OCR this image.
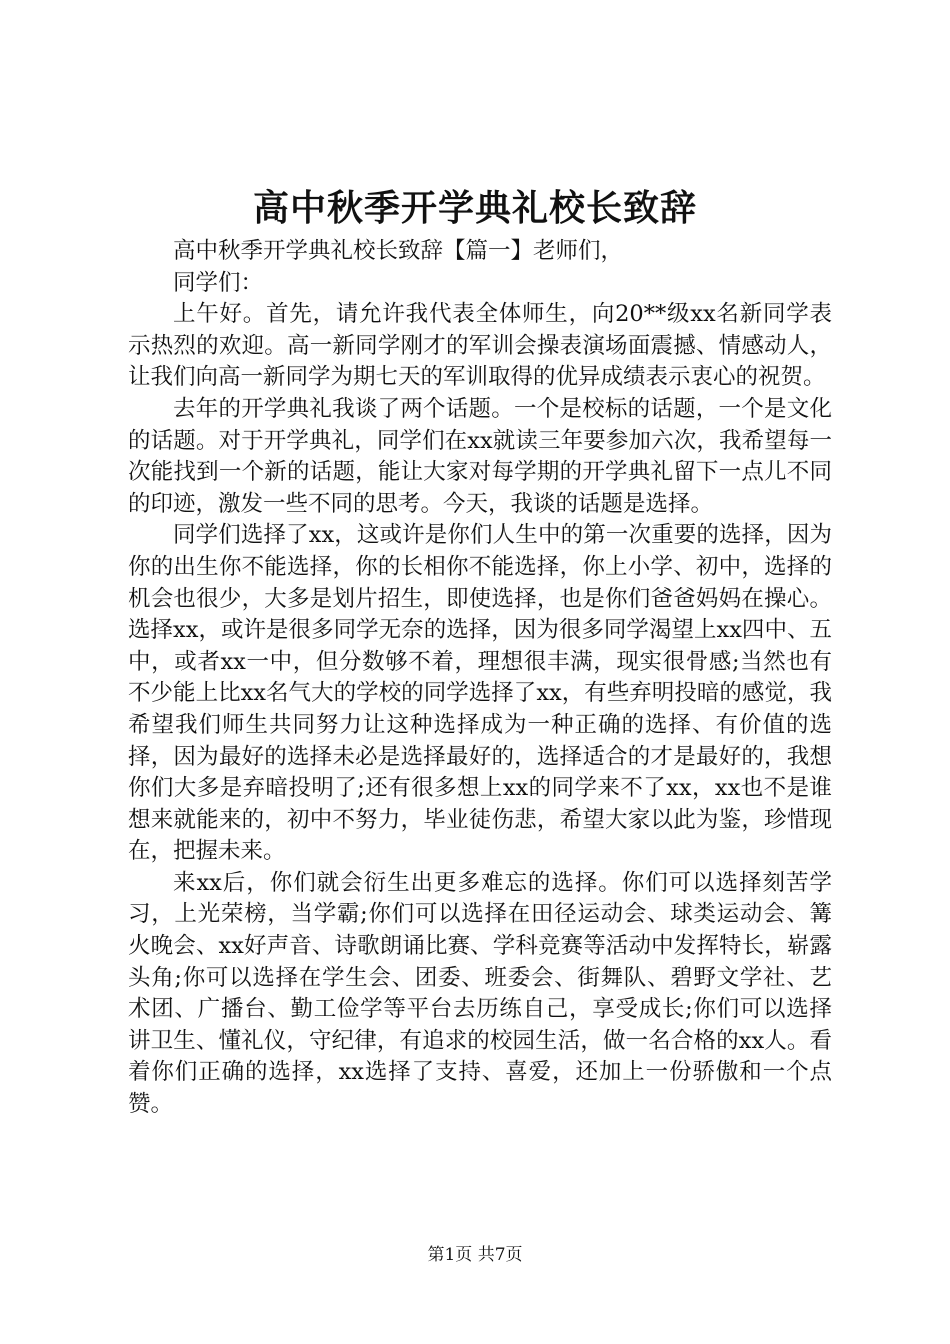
高中秋季开学典礼校长致辞

高中秋季开学典礼校长致辞【篇一】老师们，
同学们：

上午好。首先，请允许我代表全体师生，向20**级xx名新同学表示热烈的欢迎。高一新同学刚才的军训会操表演场面震撼、情感动人，让我们向高一新同学为期七天的军训取得的优异成绩表示衷心的祝贺。

去年的开学典礼我谈了两个话题。一个是校标的话题，一个是文化的话题。对于开学典礼，同学们在xx就读三年要参加六次，我希望每一次能找到一个新的话题，能让大家对每学期的开学典礼留下一点儿不同的印迹，激发一些不同的思考。今天，我谈的话题是选择。

同学们选择了xx，这或许是你们人生中的第一次重要的选择，因为你的出生你不能选择，你的长相你不能选择，你上小学、初中，选择的机会也很少，大多是划片招生，即使选择，也是你们爸爸妈妈在操心。选择xx，或许是很多同学无奈的选择，因为很多同学渴望上xx四中、五中，或者xx一中，但分数够不着，理想很丰满，现实很骨感;当然也有不少能上比xx名气大的学校的同学选择了xx，有些弃明投暗的感觉，我希望我们师生共同努力让这种选择成为一种正确的选择、有价值的选择，因为最好的选择未必是选择最好的，选择适合的才是最好的，我想你们大多是弃暗投明了;还有很多想上xx的同学来不了xx，xx也不是谁想来就能来的，初中不努力，毕业徒伤悲，希望大家以此为鉴，珍惜现在，把握未来。

来xx后，你们就会衍生出更多难忘的选择。你们可以选择刻苦学习，上光荣榜，当学霸;你们可以选择在田径运动会、球类运动会、篝火晚会、xx好声音、诗歌朗诵比赛、学科竞赛等活动中发挥特长，崭露头角;你可以选择在学生会、团委、班委会、街舞队、碧野文学社、艺术团、广播台、勤工俭学等平台去历练自己，享受成长;你们可以选择讲卫生、懂礼仪，守纪律，有追求的校园生活，做一名合格的xx人。看着你们正确的选择，xx选择了支持、喜爱，还加上一份骄傲和一个点赞。

第1页 共7页
